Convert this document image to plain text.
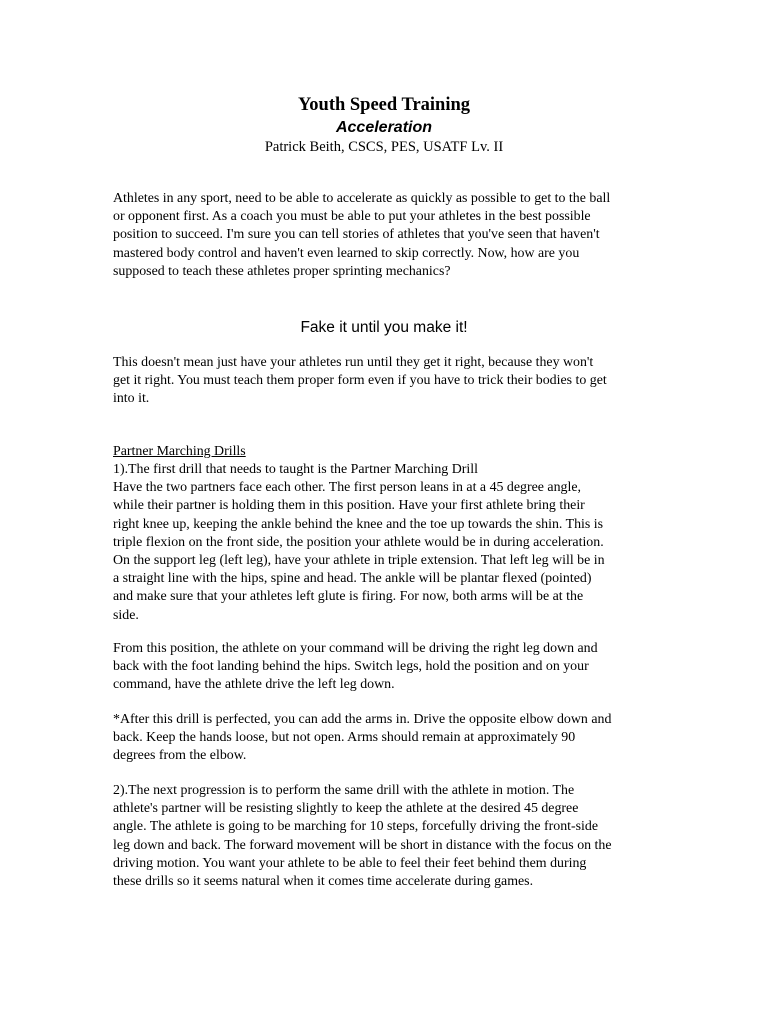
Youth Speed Training
Acceleration
Patrick Beith, CSCS, PES, USATF Lv. II

Athletes in any sport, need to be able to accelerate as quickly as possible to get to the ball
or opponent first. As a coach you must be able to put your athletes in the best possible
position to succeed. I'm sure you can tell stories of athletes that you've seen that haven't
mastered body control and haven't even learned to skip correctly. Now, how are you
supposed to teach these athletes proper sprinting mechanics?

Fake it until you make it!

This doesn't mean just have your athletes run until they get it right, because they won't
get it right. You must teach them proper form even if you have to trick their bodies to get
into it.

Partner Marching Drills

1).The first drill that needs to taught is the Partner Marching Drill
Have the two partners face each other. The first person leans in at a 45 degree angle,
while their partner is holding them in this position. Have your first athlete bring their
right knee up, keeping the ankle behind the knee and the toe up towards the shin. This is
triple flexion on the front side, the position your athlete would be in during acceleration.
On the support leg (left leg), have your athlete in triple extension. That left leg will be in
a straight line with the hips, spine and head. The ankle will be plantar flexed (pointed)
and make sure that your athletes left glute is firing. For now, both arms will be at the
side.

From this position, the athlete on your command will be driving the right leg down and
back with the foot landing behind the hips. Switch legs, hold the position and on your
command, have the athlete drive the left leg down.

*After this drill is perfected, you can add the arms in. Drive the opposite elbow down and
back. Keep the hands loose, but not open. Arms should remain at approximately 90
degrees from the elbow.

2).The next progression is to perform the same drill with the athlete in motion. The
athlete's partner will be resisting slightly to keep the athlete at the desired 45 degree
angle. The athlete is going to be marching for 10 steps, forcefully driving the front-side
leg down and back. The forward movement will be short in distance with the focus on the
driving motion. You want your athlete to be able to feel their feet behind them during
these drills so it seems natural when it comes time accelerate during games.
